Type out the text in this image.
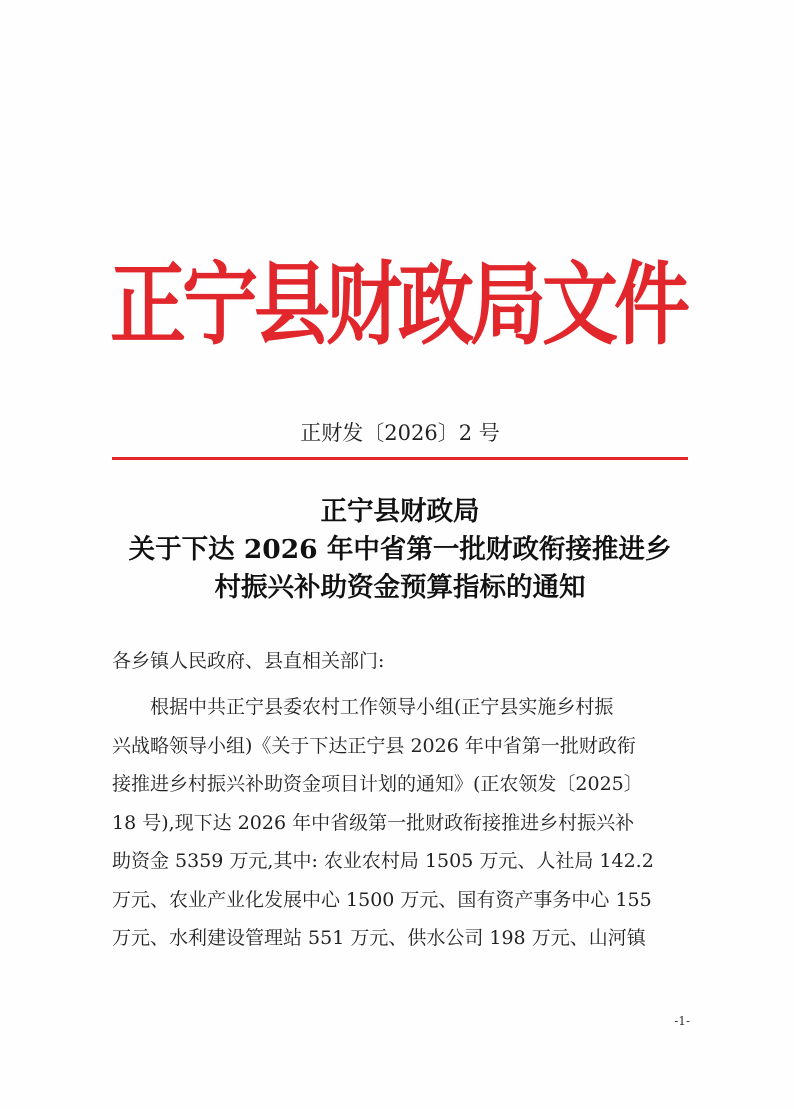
正宁县财政局文件
正财发〔2026〕2 号
正宁县财政局
关于下达 2026 年中省第一批财政衔接推进乡
村振兴补助资金预算指标的通知
各乡镇人民政府、县直相关部门:
　　根据中共正宁县委农村工作领导小组(正宁县实施乡村振
兴战略领导小组)《关于下达正宁县 2026 年中省第一批财政衔
接推进乡村振兴补助资金项目计划的通知》(正农领发〔2025〕
18 号),现下达 2026 年中省级第一批财政衔接推进乡村振兴补
助资金 5359 万元,其中: 农业农村局 1505 万元、人社局 142.2
万元、农业产业化发展中心 1500 万元、国有资产事务中心 155
万元、水利建设管理站 551 万元、供水公司 198 万元、山河镇
-1-
